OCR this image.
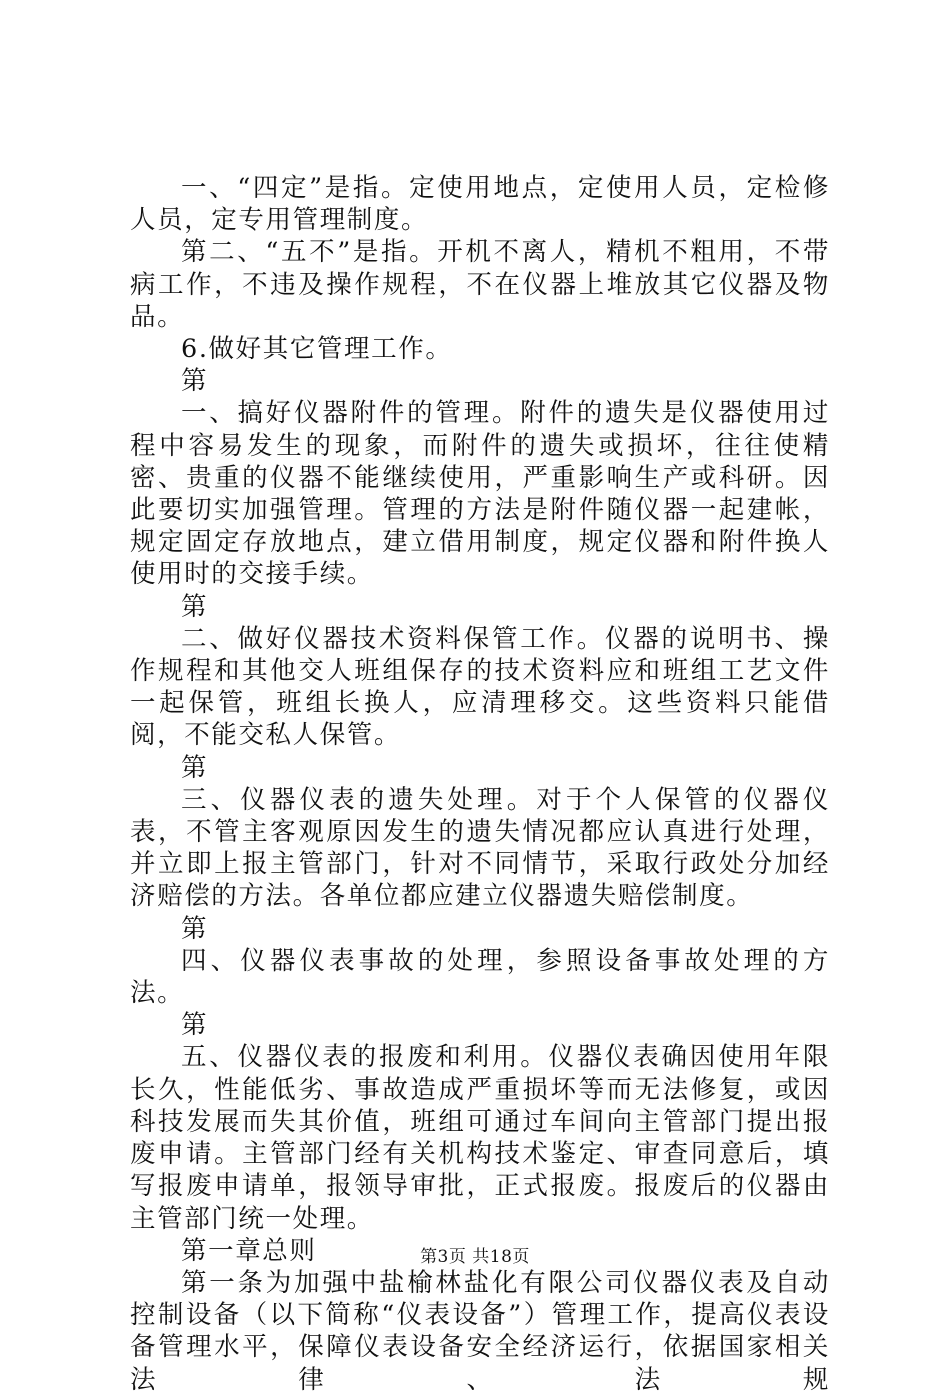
一、“四定”是指。定使用地点，定使用人员，定检修人员，定专用管理制度。

第二、“五不”是指。开机不离人，精机不粗用，不带病工作，不违及操作规程，不在仪器上堆放其它仪器及物品。

6.做好其它管理工作。

第

一、搞好仪器附件的管理。附件的遗失是仪器使用过程中容易发生的现象，而附件的遗失或损坏，往往使精密、贵重的仪器不能继续使用，严重影响生产或科研。因此要切实加强管理。管理的方法是附件随仪器一起建帐，规定固定存放地点，建立借用制度，规定仪器和附件换人使用时的交接手续。

第

二、做好仪器技术资料保管工作。仪器的说明书、操作规程和其他交人班组保存的技术资料应和班组工艺文件一起保管，班组长换人，应清理移交。这些资料只能借阅，不能交私人保管。

第

三、仪器仪表的遗失处理。对于个人保管的仪器仪表，不管主客观原因发生的遗失情况都应认真进行处理，并立即上报主管部门，针对不同情节，采取行政处分加经济赔偿的方法。各单位都应建立仪器遗失赔偿制度。

第

四、仪器仪表事故的处理，参照设备事故处理的方法。

第

五、仪器仪表的报废和利用。仪器仪表确因使用年限长久，性能低劣、事故造成严重损坏等而无法修复，或因科技发展而失其价值，班组可通过车间向主管部门提出报废申请。主管部门经有关机构技术鉴定、审查同意后，填写报废申请单，报领导审批，正式报废。报废后的仪器由主管部门统一处理。

第一章总则

第一条为加强中盐榆林盐化有限公司仪器仪表及自动控制设备（以下简称“仪表设备”）管理工作，提高仪表设备管理水平，保障仪表设备安全经济运行，依据国家相关法律、法规

第3页 共18页
